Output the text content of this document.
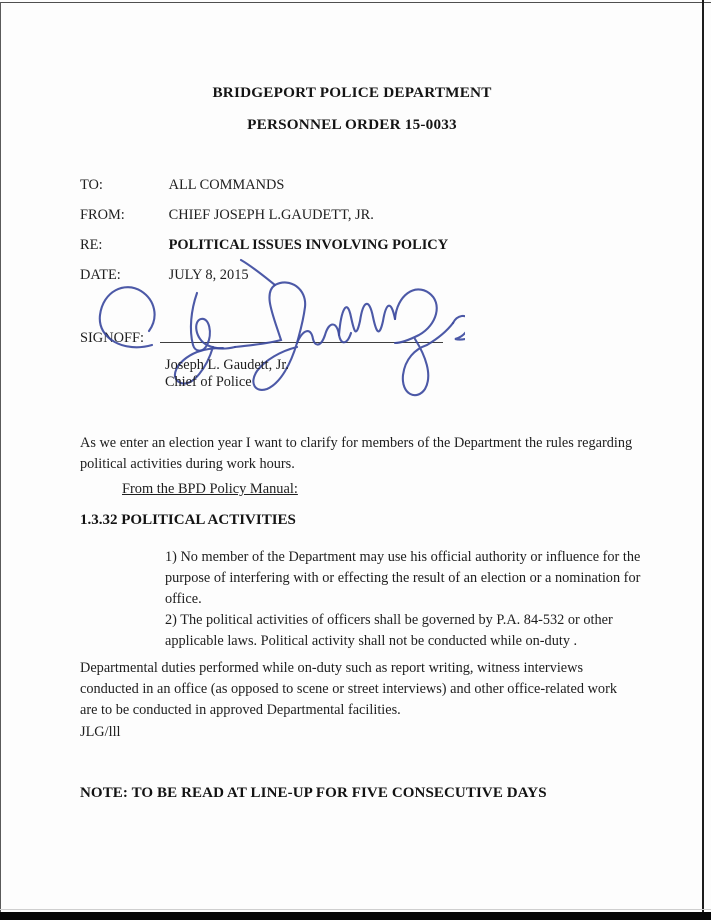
BRIDGEPORT POLICE DEPARTMENT
PERSONNEL ORDER 15-0033
TO:	ALL COMMANDS
FROM:	CHIEF JOSEPH L.GAUDETT, JR.
RE:	POLITICAL ISSUES INVOLVING POLICY
DATE:	JULY 8, 2015
SIGNOFF:
Joseph L. Gaudett, Jr.
Chief of Police
As we enter an election year I want to clarify for members of the Department the rules regarding
political activities during work hours.
From the BPD Policy Manual:
1.3.32 POLITICAL ACTIVITIES
1) No member of the Department may use his official authority or influence for the
purpose of interfering with or effecting the result of an election or a nomination for
office.
2) The political activities of officers shall be governed by P.A. 84-532 or other
applicable laws. Political activity shall not be conducted while on-duty .
Departmental duties performed while on-duty such as report writing, witness interviews
conducted in an office (as opposed to scene or street interviews) and other office-related work
are to be conducted in approved Departmental facilities.
JLG/lll
NOTE: TO BE READ AT LINE-UP FOR FIVE CONSECUTIVE DAYS
